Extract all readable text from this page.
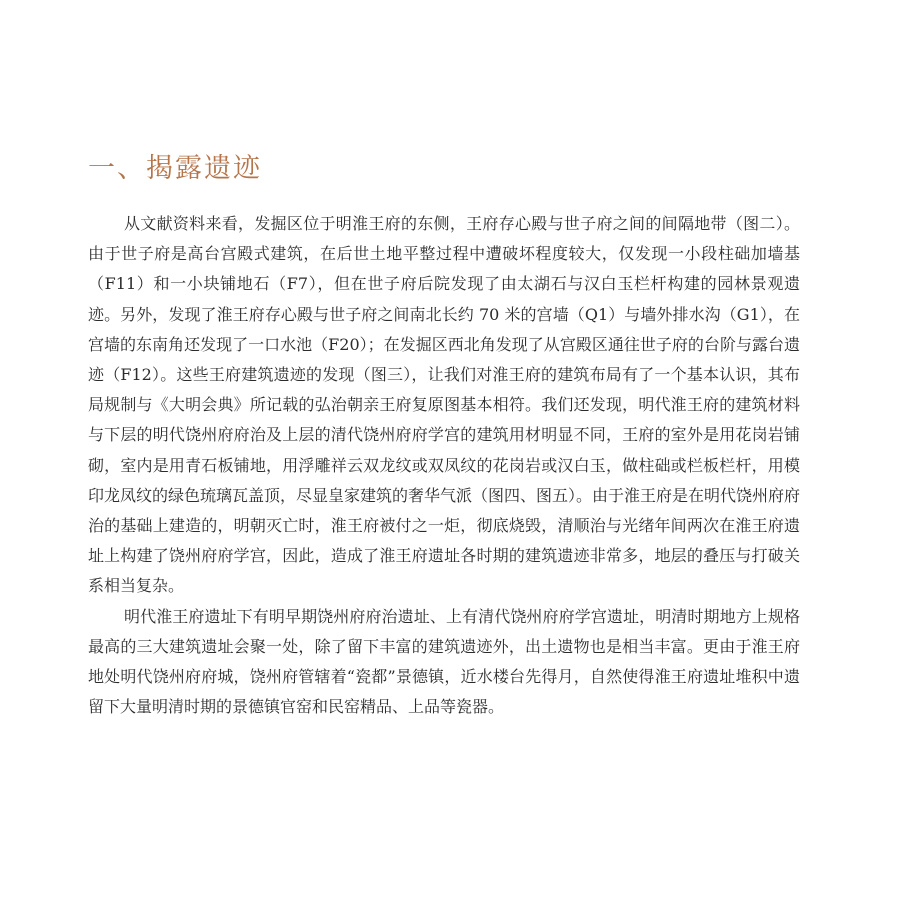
一、揭露遗迹

从文献资料来看，发掘区位于明淮王府的东侧，王府存心殿与世子府之间的间隔地带（图二）。由于世子府是高台宫殿式建筑，在后世土地平整过程中遭破坏程度较大，仅发现一小段柱础加墙基（F11）和一小块铺地石（F7），但在世子府后院发现了由太湖石与汉白玉栏杆构建的园林景观遗迹。另外，发现了淮王府存心殿与世子府之间南北长约 70 米的宫墙（Q1）与墙外排水沟（G1），在宫墙的东南角还发现了一口水池（F20）；在发掘区西北角发现了从宫殿区通往世子府的台阶与露台遗迹（F12）。这些王府建筑遗迹的发现（图三），让我们对淮王府的建筑布局有了一个基本认识，其布局规制与《大明会典》所记载的弘治朝亲王府复原图基本相符。我们还发现，明代淮王府的建筑材料与下层的明代饶州府府治及上层的清代饶州府府学宫的建筑用材明显不同，王府的室外是用花岗岩铺砌，室内是用青石板铺地，用浮雕祥云双龙纹或双凤纹的花岗岩或汉白玉，做柱础或栏板栏杆，用模印龙凤纹的绿色琉璃瓦盖顶，尽显皇家建筑的奢华气派（图四、图五）。由于淮王府是在明代饶州府府治的基础上建造的，明朝灭亡时，淮王府被付之一炬，彻底烧毁，清顺治与光绪年间两次在淮王府遗址上构建了饶州府府学宫，因此，造成了淮王府遗址各时期的建筑遗迹非常多，地层的叠压与打破关系相当复杂。

明代淮王府遗址下有明早期饶州府府治遗址、上有清代饶州府府学宫遗址，明清时期地方上规格最高的三大建筑遗址会聚一处，除了留下丰富的建筑遗迹外，出土遗物也是相当丰富。更由于淮王府地处明代饶州府府城，饶州府管辖着“瓷都”景德镇，近水楼台先得月，自然使得淮王府遗址堆积中遗留下大量明清时期的景德镇官窑和民窑精品、上品等瓷器。
